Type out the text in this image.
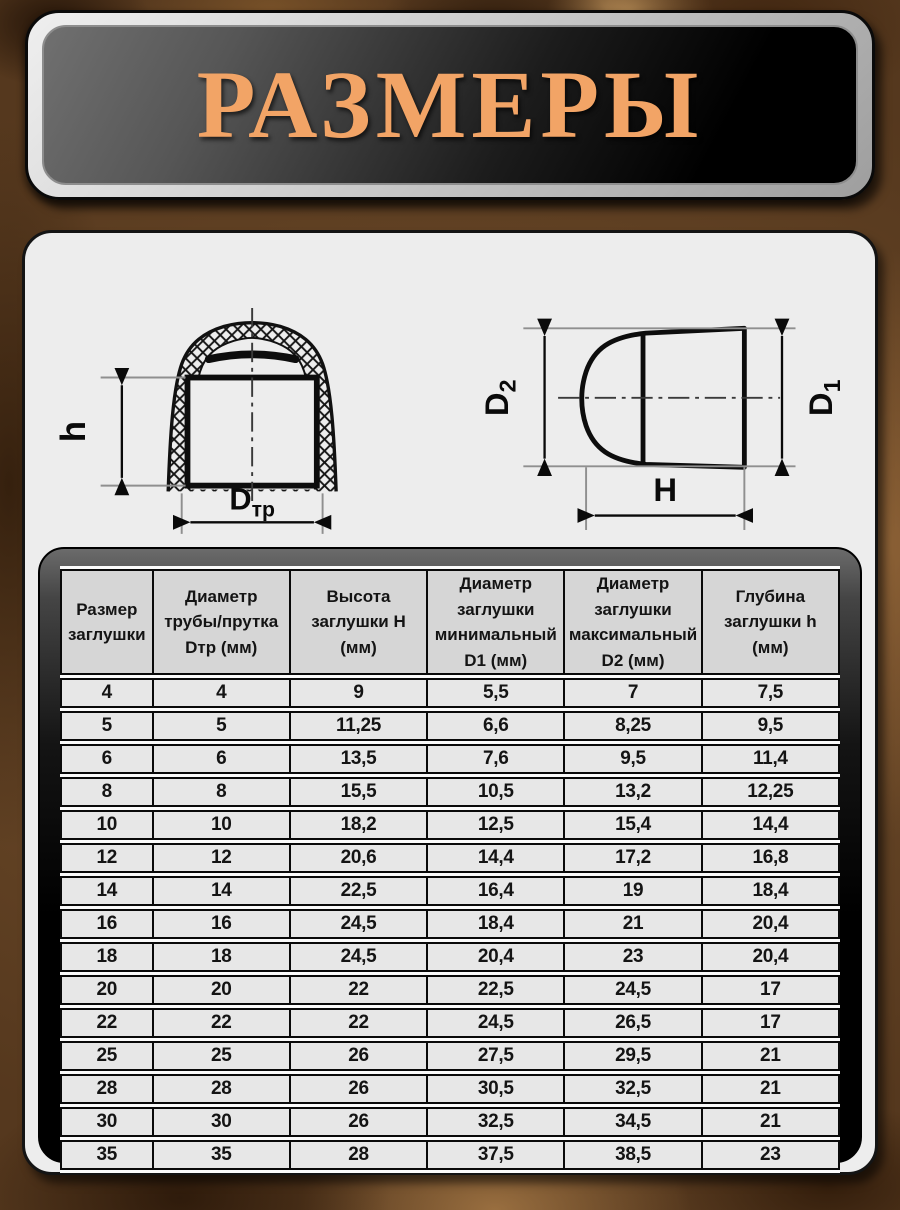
РАЗМЕРЫ
h
Dтр
D2
D1
H
Размер заглушки	Диаметр трубы/прутка Dтр (мм)	Высота заглушки H (мм)	Диаметр заглушки минимальный D1 (мм)	Диаметр заглушки максимальный D2 (мм)	Глубина заглушки h (мм)
4	4	9	5,5	7	7,5
5	5	11,25	6,6	8,25	9,5
6	6	13,5	7,6	9,5	11,4
8	8	15,5	10,5	13,2	12,25
10	10	18,2	12,5	15,4	14,4
12	12	20,6	14,4	17,2	16,8
14	14	22,5	16,4	19	18,4
16	16	24,5	18,4	21	20,4
18	18	24,5	20,4	23	20,4
20	20	22	22,5	24,5	17
22	22	22	24,5	26,5	17
25	25	26	27,5	29,5	21
28	28	26	30,5	32,5	21
30	30	26	32,5	34,5	21
35	35	28	37,5	38,5	23
